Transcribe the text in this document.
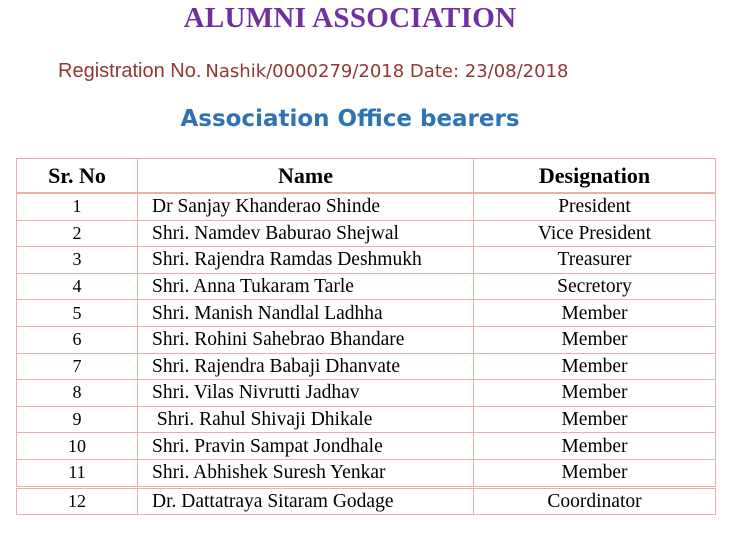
ALUMNI ASSOCIATION
Registration No. Nashik/0000279/2018 Date: 23/08/2018
Association Office bearers
Sr. No	Name	Designation
1	Dr Sanjay Khanderao Shinde	President
2	Shri. Namdev Baburao Shejwal	Vice President
3	Shri. Rajendra Ramdas Deshmukh	Treasurer
4	Shri. Anna Tukaram Tarle	Secretory
5	Shri. Manish Nandlal Ladhha	Member
6	Shri. Rohini Sahebrao Bhandare	Member
7	Shri. Rajendra Babaji Dhanvate	Member
8	Shri. Vilas Nivrutti Jadhav	Member
9	Shri. Rahul Shivaji Dhikale	Member
10	Shri. Pravin Sampat Jondhale	Member
11	Shri. Abhishek Suresh Yenkar	Member
12	Dr. Dattatraya Sitaram Godage	Coordinator
